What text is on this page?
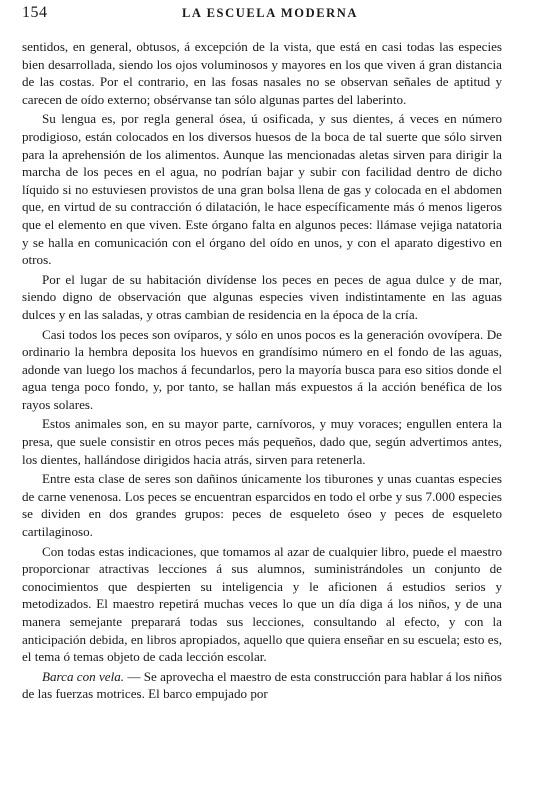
154	LA ESCUELA MODERNA

sentidos, en general, obtusos, á excepción de la vista, que está en casi todas las especies bien desarrollada, siendo los ojos voluminosos y mayores en los que viven á gran distancia de las costas. Por el contrario, en las fosas nasales no se observan señales de aptitud y carecen de oído externo; obsérvanse tan sólo algunas partes del laberinto.

Su lengua es, por regla general ósea, ú osificada, y sus dientes, á veces en número prodigioso, están colocados en los diversos huesos de la boca de tal suerte que sólo sirven para la aprehensión de los alimentos. Aunque las mencionadas aletas sirven para dirigir la marcha de los peces en el agua, no podrían bajar y subir con facilidad dentro de dicho líquido si no estuviesen provistos de una gran bolsa llena de gas y colocada en el abdomen que, en virtud de su contracción ó dilatación, le hace específicamente más ó menos ligeros que el elemento en que viven. Este órgano falta en algunos peces: llámase vejiga natatoria y se halla en comunicación con el órgano del oído en unos, y con el aparato digestivo en otros.

Por el lugar de su habitación divídense los peces en peces de agua dulce y de mar, siendo digno de observación que algunas especies viven indistintamente en las aguas dulces y en las saladas, y otras cambian de residencia en la época de la cría.

Casi todos los peces son ovíparos, y sólo en unos pocos es la generación ovovípera. De ordinario la hembra deposita los huevos en grandísimo número en el fondo de las aguas, adonde van luego los machos á fecundarlos, pero la mayoría busca para eso sitios donde el agua tenga poco fondo, y, por tanto, se hallan más expuestos á la acción benéfica de los rayos solares.

Estos animales son, en su mayor parte, carnívoros, y muy voraces; engullen entera la presa, que suele consistir en otros peces más pequeños, dado que, según advertimos antes, los dientes, hallándose dirigidos hacia atrás, sirven para retenerla.

Entre esta clase de seres son dañinos únicamente los tiburones y unas cuantas especies de carne venenosa. Los peces se encuentran esparcidos en todo el orbe y sus 7.000 especies se dividen en dos grandes grupos: peces de esqueleto óseo y peces de esqueleto cartilaginoso.

Con todas estas indicaciones, que tomamos al azar de cualquier libro, puede el maestro proporcionar atractivas lecciones á sus alumnos, suministrándoles un conjunto de conocimientos que despierten su inteligencia y le aficionen á estudios serios y metodizados. El maestro repetirá muchas veces lo que un día diga á los niños, y de una manera semejante preparará todas sus lecciones, consultando al efecto, y con la anticipación debida, en libros apropiados, aquello que quiera enseñar en su escuela; esto es, el tema ó temas objeto de cada lección escolar.

Barca con vela. — Se aprovecha el maestro de esta construcción para hablar á los niños de las fuerzas motrices. El barco empujado por
